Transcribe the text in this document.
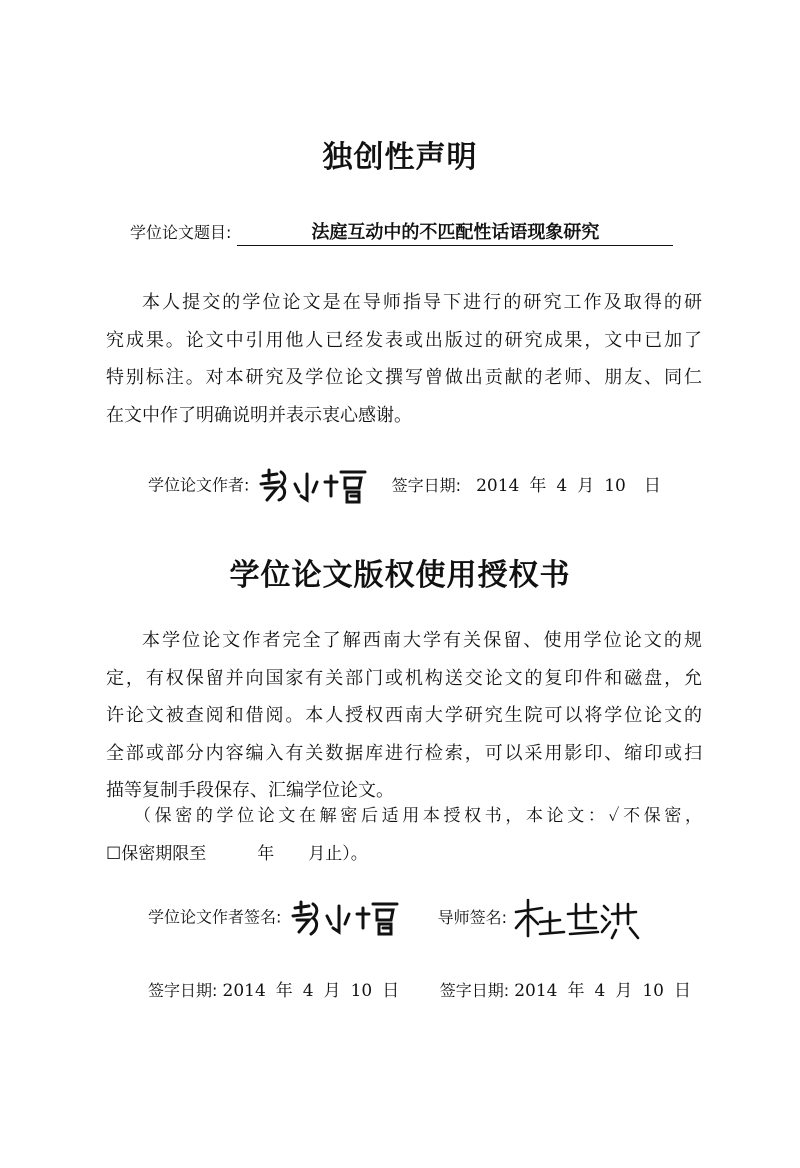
独创性声明
学位论文题目:	法庭互动中的不匹配性话语现象研究
本人提交的学位论文是在导师指导下进行的研究工作及取得的研
究成果。论文中引用他人已经发表或出版过的研究成果，文中已加了
特别标注。对本研究及学位论文撰写曾做出贡献的老师、朋友、同仁
在文中作了明确说明并表示衷心感谢。
学位论文作者:	签字日期: 2014 年 4 月 10 日
学位论文版权使用授权书
本学位论文作者完全了解西南大学有关保留、使用学位论文的规
定，有权保留并向国家有关部门或机构送交论文的复印件和磁盘，允
许论文被查阅和借阅。本人授权西南大学研究生院可以将学位论文的
全部或部分内容编入有关数据库进行检索，可以采用影印、缩印或扫
描等复制手段保存、汇编学位论文。
（保密的学位论文在解密后适用本授权书，本论文：✓不保密，
☐保密期限至　　　年　　月止）。
学位论文作者签名:	导师签名:
签字日期: 2014 年 4 月 10 日	签字日期: 2014 年 4 月 10 日
